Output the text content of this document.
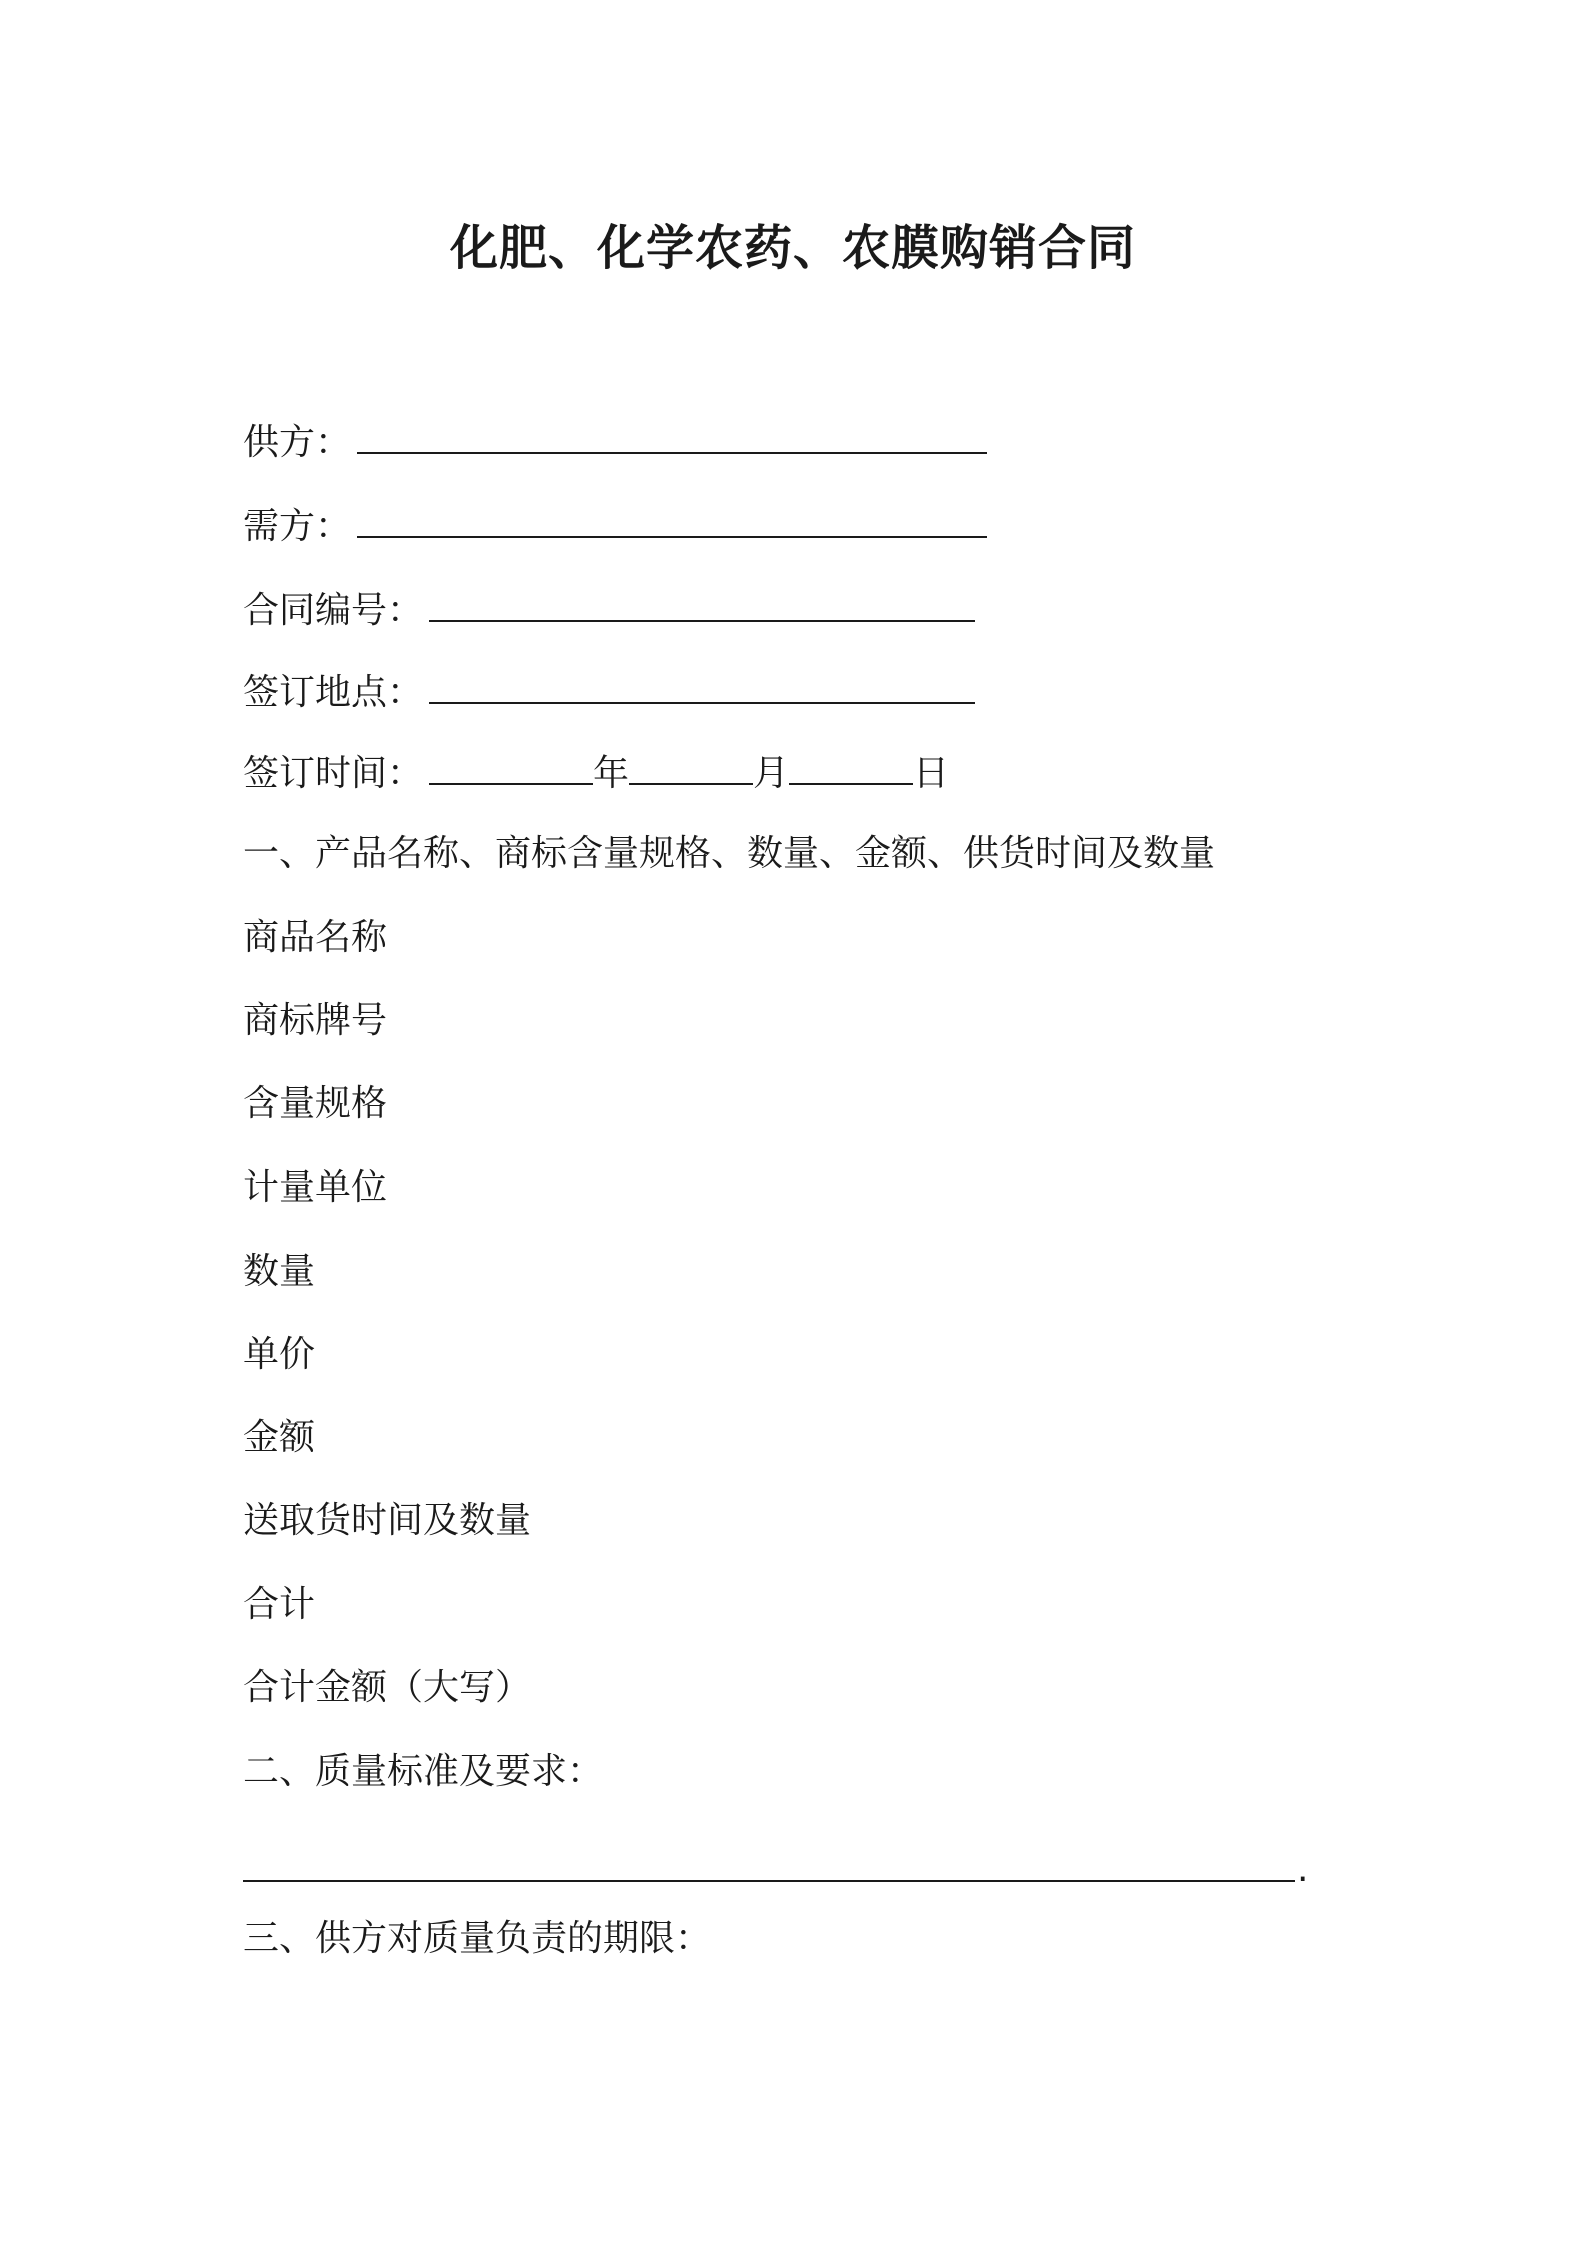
化肥、化学农药、农膜购销合同
供方：
需方：
合同编号：
签订地点：
签订时间：	年	月	日
一、产品名称、商标含量规格、数量、金额、供货时间及数量
商品名称
商标牌号
含量规格
计量单位
数量
单价
金额
送取货时间及数量
合计
合计金额（大写）
二、质量标准及要求：
.
三、供方对质量负责的期限：
